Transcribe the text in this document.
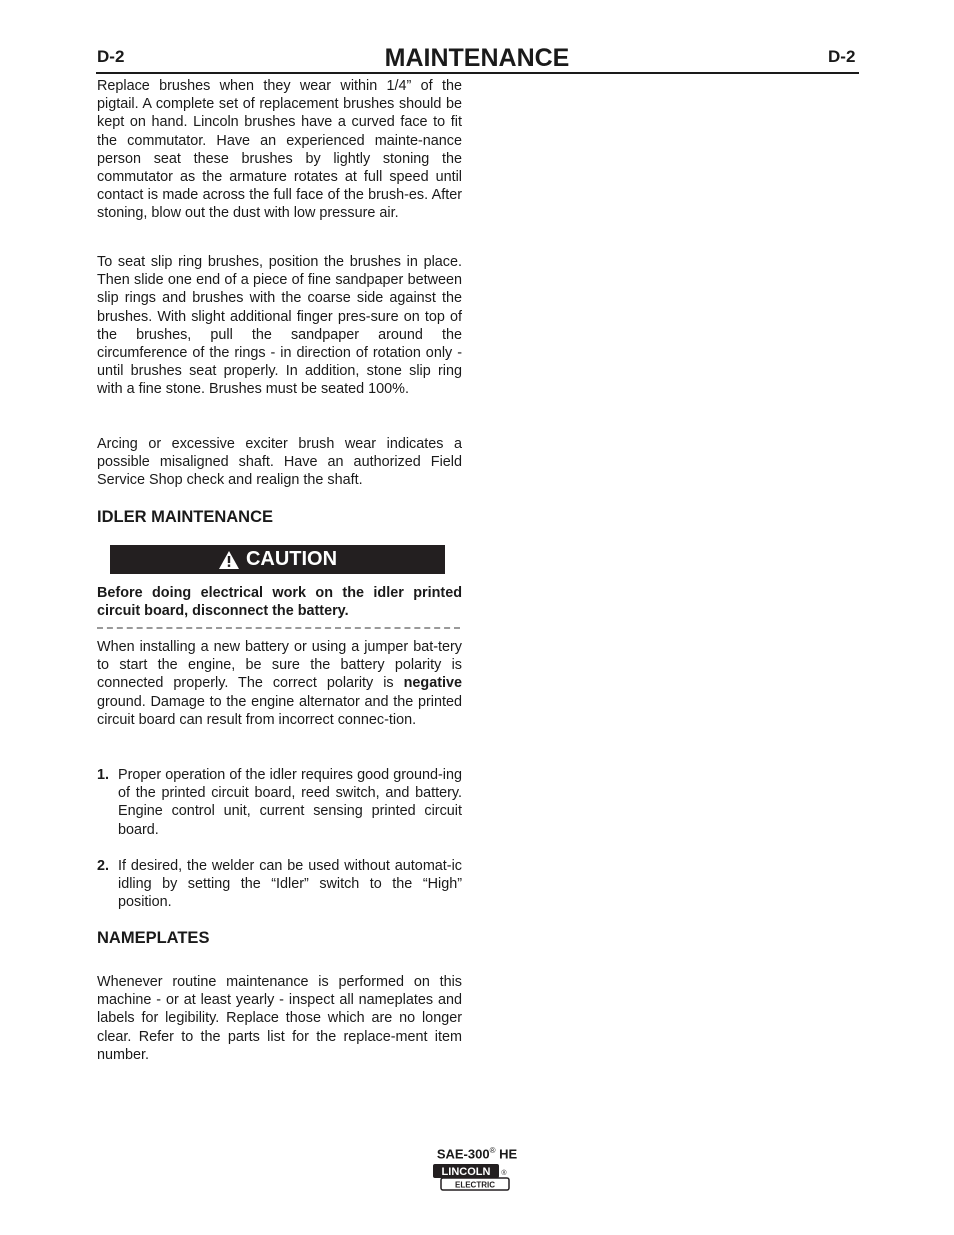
D-2	MAINTENANCE	D-2

Replace brushes when they wear within 1/4” of the pigtail. A complete set of replacement brushes should be kept on hand. Lincoln brushes have a curved face to fit the commutator. Have an experienced mainte-nance person seat these brushes by lightly stoning the commutator as the armature rotates at full speed until contact is made across the full face of the brush-es. After stoning, blow out the dust with low pressure air.

To seat slip ring brushes, position the brushes in place. Then slide one end of a piece of fine sandpaper between slip rings and brushes with the coarse side against the brushes. With slight additional finger pres-sure on top of the brushes, pull the sandpaper around the circumference of the rings - in direction of rotation only - until brushes seat properly. In addition, stone slip ring with a fine stone. Brushes must be seated 100%.

Arcing or excessive exciter brush wear indicates a possible misaligned shaft. Have an authorized Field Service Shop check and realign the shaft.

IDLER MAINTENANCE
CAUTION

Before doing electrical work on the idler printed circuit board, disconnect the battery.

When installing a new battery or using a jumper bat-tery to start the engine, be sure the battery polarity is connected properly. The correct polarity is negative ground. Damage to the engine alternator and the printed circuit board can result from incorrect connec-tion.

1. Proper operation of the idler requires good ground-ing of the printed circuit board, reed switch, and battery. Engine control unit, current sensing printed circuit board.
2. If desired, the welder can be used without automat-ic idling by setting the “Idler” switch to the “High” position.
NAMEPLATES

Whenever routine maintenance is performed on this machine - or at least yearly - inspect all nameplates and labels for legibility. Replace those which are no longer clear. Refer to the parts list for the replace-ment item number.

SAE-300® HE
LINCOLN
ELECTRIC
®
